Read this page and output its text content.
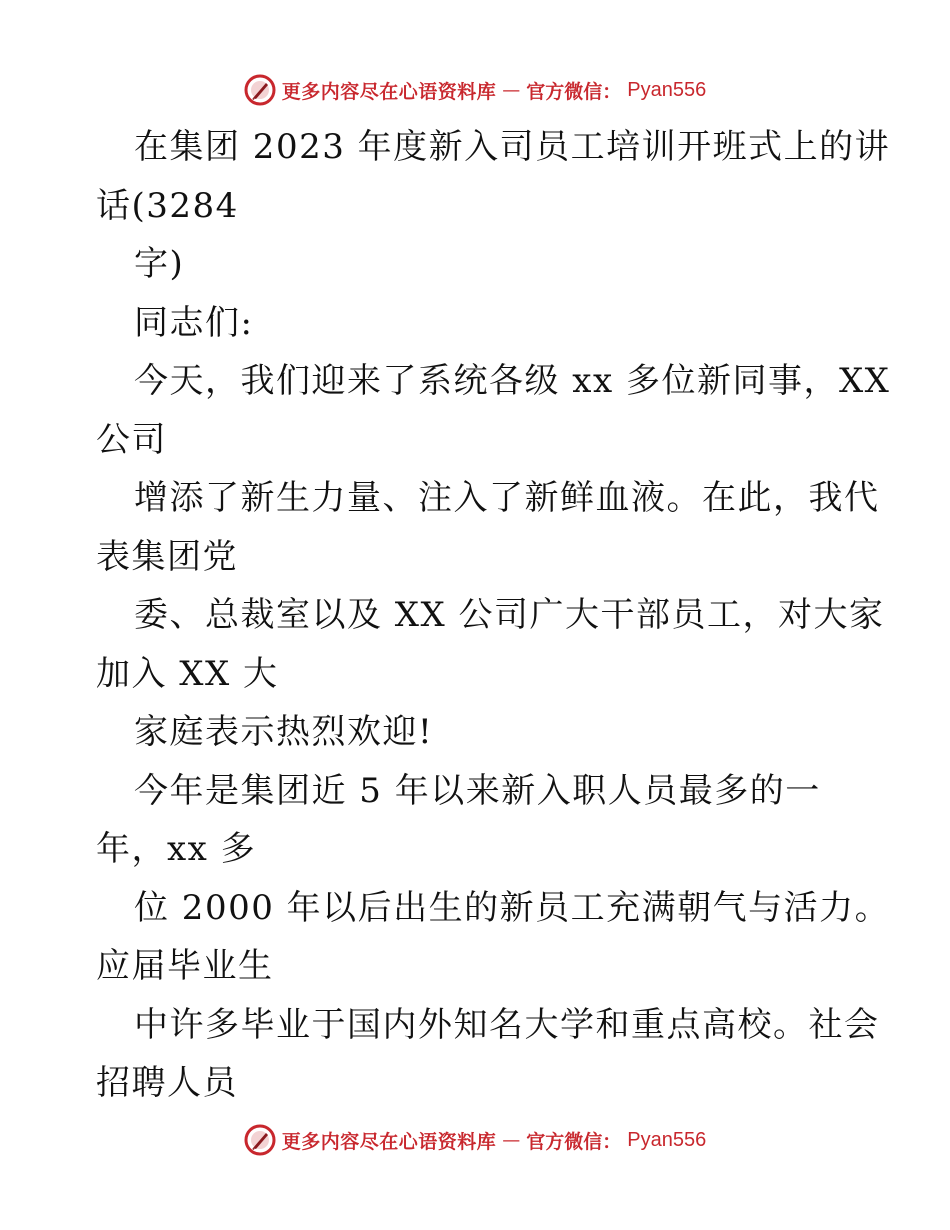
更多内容尽在心语资料库 — 官方微信： Pyan556
在集团 2023 年度新入司员工培训开班式上的讲
话(3284
字)
同志们:
今天，我们迎来了系统各级 xx 多位新同事，XX
公司
增添了新生力量、注入了新鲜血液。在此，我代
表集团党
委、总裁室以及 XX 公司广大干部员工，对大家
加入 XX 大
家庭表示热烈欢迎!
今年是集团近 5 年以来新入职人员最多的一
年，xx 多
位 2000 年以后出生的新员工充满朝气与活力。
应届毕业生
中许多毕业于国内外知名大学和重点高校。社会
招聘人员
更多内容尽在心语资料库 — 官方微信： Pyan556
